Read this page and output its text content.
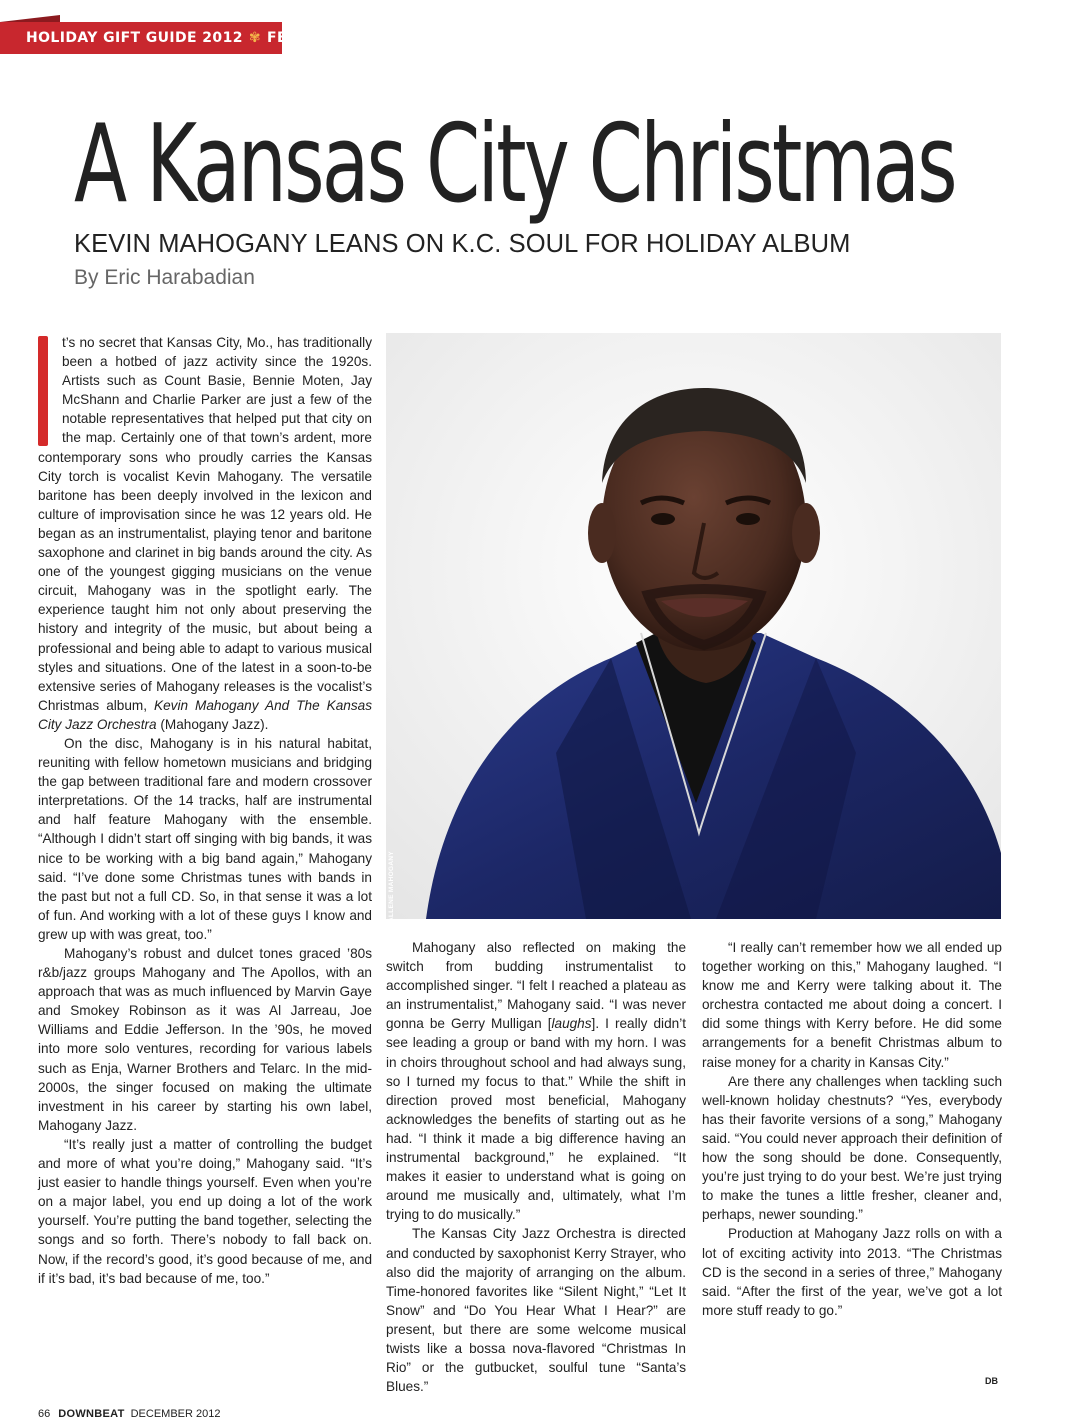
HOLIDAY GIFT GUIDE 2012 ✾ FEATURE
A Kansas City Christmas
KEVIN MAHOGANY LEANS ON K.C. SOUL FOR HOLIDAY ALBUM
By Eric Harabadian

t’s no secret that Kansas City, Mo., has traditionally been a hotbed of jazz activity since the 1920s. Artists such as Count Basie, Bennie Moten, Jay McShann and Charlie Parker are just a few of the notable representatives that helped put that city on the map. Certainly one of that town’s ardent, more contemporary sons who proudly carries the Kansas City torch is vocalist Kevin Mahogany. The versatile baritone has been deeply involved in the lexicon and culture of improvisation since he was 12 years old. He began as an instrumentalist, playing tenor and baritone saxophone and clarinet in big bands around the city. As one of the youngest gigging musicians on the venue circuit, Mahogany was in the spotlight early. The experience taught him not only about preserving the history and integrity of the music, but about being a professional and being able to adapt to various musical styles and situations. One of the latest in a soon-to-be extensive series of Mahogany releases is the vocalist’s Christmas album, Kevin Mahogany And The Kansas City Jazz Orchestra (Mahogany Jazz).

On the disc, Mahogany is in his natural habitat, reuniting with fellow hometown musicians and bridging the gap between traditional fare and modern crossover interpretations. Of the 14 tracks, half are instrumental and half feature Mahogany with the ensemble. “Although I didn’t start off singing with big bands, it was nice to be working with a big band again,” Mahogany said. “I’ve done some Christmas tunes with bands in the past but not a full CD. So, in that sense it was a lot of fun. And working with a lot of these guys I know and grew up with was great, too.”

Mahogany’s robust and dulcet tones graced ’80s r&b/jazz groups Mahogany and The Apollos, with an approach that was as much influenced by Marvin Gaye and Smokey Robinson as it was Al Jarreau, Joe Williams and Eddie Jefferson. In the ’90s, he moved into more solo ventures, recording for various labels such as Enja, Warner Brothers and Telarc. In the mid-2000s, the singer focused on making the ultimate investment in his career by starting his own label, Mahogany Jazz.

“It’s really just a matter of controlling the budget and more of what you’re doing,” Mahogany said. “It’s just easier to handle things yourself. Even when you’re on a major label, you end up doing a lot of the work yourself. You’re putting the band together, selecting the songs and so forth. There’s nobody to fall back on. Now, if the record’s good, it’s good because of me, and if it’s bad, it’s bad because of me, too.”

ALLENE MAHOGANY

Mahogany also reflected on making the switch from budding instrumentalist to accomplished singer. “I felt I reached a plateau as an instrumentalist,” Mahogany said. “I was never gonna be Gerry Mulligan [laughs]. I really didn’t see leading a group or band with my horn. I was in choirs throughout school and had always sung, so I turned my focus to that.” While the shift in direction proved most beneficial, Mahogany acknowledges the benefits of starting out as he had. “I think it made a big difference having an instrumental background,” he explained. “It makes it easier to understand what is going on around me musically and, ultimately, what I’m trying to do musically.”

The Kansas City Jazz Orchestra is directed and conducted by saxophonist Kerry Strayer, who also did the majority of arranging on the album. Time-honored favorites like “Silent Night,” “Let It Snow” and “Do You Hear What I Hear?” are present, but there are some welcome musical twists like a bossa nova-flavored “Christmas In Rio” or the gutbucket, soulful tune “Santa’s Blues.”

“I really can’t remember how we all ended up together working on this,” Mahogany laughed. “I know me and Kerry were talking about it. The orchestra contacted me about doing a concert. I did some things with Kerry before. He did some arrangements for a benefit Christmas album to raise money for a charity in Kansas City.”

Are there any challenges when tackling such well-known holiday chestnuts? “Yes, everybody has their favorite versions of a song,” Mahogany said. “You could never approach their definition of how the song should be done. Consequently, you’re just trying to do your best. We’re just trying to make the tunes a little fresher, cleaner and, perhaps, newer sounding.”

Production at Mahogany Jazz rolls on with a lot of exciting activity into 2013. “The Christmas CD is the second in a series of three,” Mahogany said. “After the first of the year, we’ve got a lot more stuff ready to go.”

DB
66 DOWNBEAT DECEMBER 2012
